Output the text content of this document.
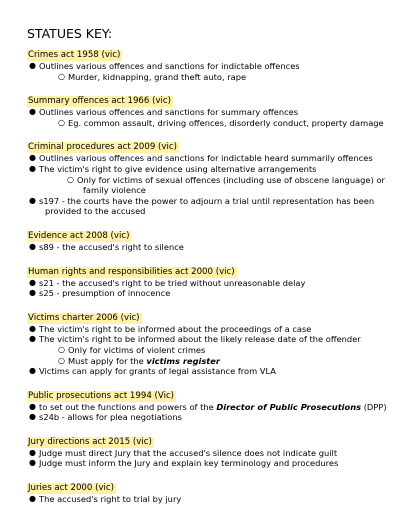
STATUES KEY:
Crimes act 1958 (vic)
● Outlines various offences and sanctions for indictable offences
○ Murder, kidnapping, grand theft auto, rape
Summary offences act 1966 (vic)
● Outlines various offences and sanctions for summary offences
○ Eg. common assault, driving offences, disorderly conduct, property damage
Criminal procedures act 2009 (vic)
● Outlines various offences and sanctions for indictable heard summarily offences
● The victim's right to give evidence using alternative arrangements
○ Only for victims of sexual offences (including use of obscene language) or
family violence
● s197 - the courts have the power to adjourn a trial until representation has been
provided to the accused
Evidence act 2008 (vic)
● s89 - the accused's right to silence
Human rights and responsibilities act 2000 (vic)
● s21 - the accused's right to be tried without unreasonable delay
● s25 - presumption of innocence
Victims charter 2006 (vic)
● The victim's right to be informed about the proceedings of a case
● The victim's right to be informed about the likely release date of the offender
○ Only for victims of violent crimes
○ Must apply for the victims register
● Victims can apply for grants of legal assistance from VLA
Public prosecutions act 1994 (Vic)
● to set out the functions and powers of the Director of Public Prosecutions (DPP)
● s24b - allows for plea negotiations
Jury directions act 2015 (vic)
● Judge must direct Jury that the accused's silence does not indicate guilt
● Judge must inform the Jury and explain key terminology and procedures
Juries act 2000 (vic)
● The accused's right to trial by jury
